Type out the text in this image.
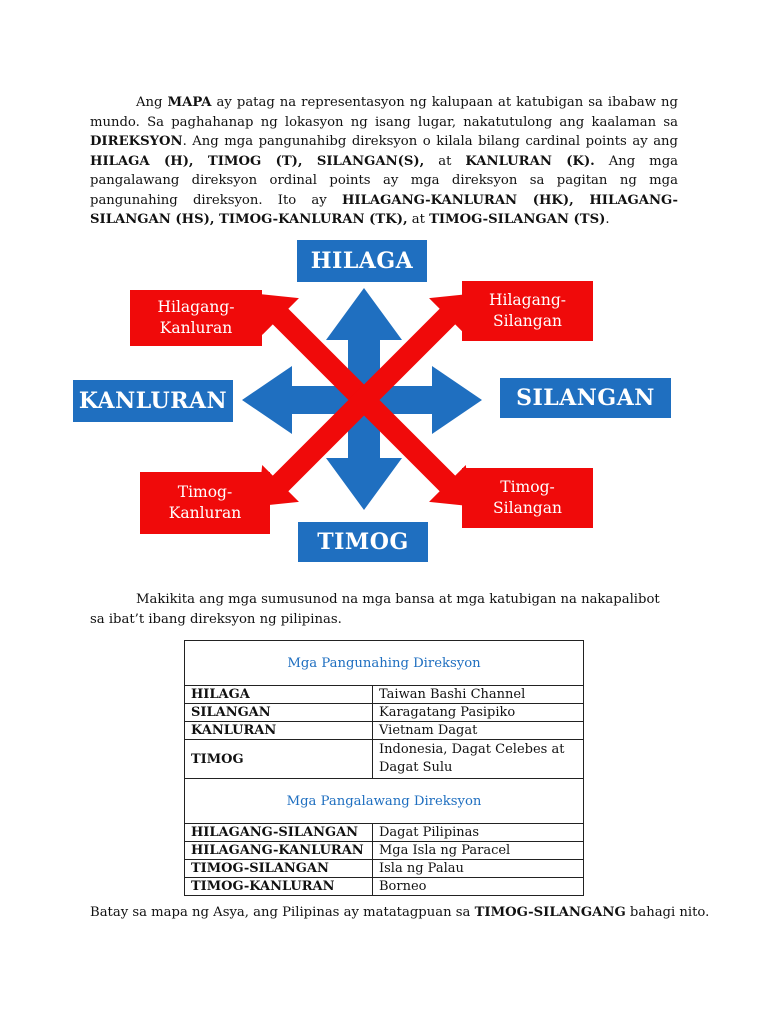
Ang MAPA ay patag na representasyon ng kalupaan at katubigan sa ibabaw ng mundo. Sa paghahanap ng lokasyon ng isang lugar, nakatutulong ang kaalaman sa DIREKSYON. Ang mga pangunahibg direksyon o kilala bilang cardinal points ay ang HILAGA (H), TIMOG (T), SILANGAN(S), at KANLURAN (K). Ang mga pangalawang direksyon ordinal points ay mga direksyon sa pagitan ng mga pangunahing direksyon. Ito ay HILAGANG-KANLURAN (HK), HILAGANG-SILANGAN (HS), TIMOG-KANLURAN (TK), at TIMOG-SILANGAN (TS).
HILAGA
TIMOG
KANLURAN	SILANGAN
Hilagang-
Kanluran
Hilagang-
Silangan
Timog-
Kanluran
Timog-
Silangan
Makikita ang mga sumusunod na mga bansa at mga katubigan na nakapalibot sa ibat’t ibang direksyon ng pilipinas.
Mga Pangunahing Direksyon	
HILAGA	Taiwan Bashi Channel
SILANGAN	Karagatang Pasipiko
KANLURAN	Vietnam Dagat
TIMOG	Indonesia, Dagat Celebes at Dagat Sulu
Mga Pangalawang Direksyon	
HILAGANG-SILANGAN	Dagat Pilipinas
HILAGANG-KANLURAN	Mga Isla ng Paracel
TIMOG-SILANGAN	Isla ng Palau
TIMOG-KANLURAN	Borneo
Batay sa mapa ng Asya, ang Pilipinas ay matatagpuan sa TIMOG-SILANGANG bahagi nito.
